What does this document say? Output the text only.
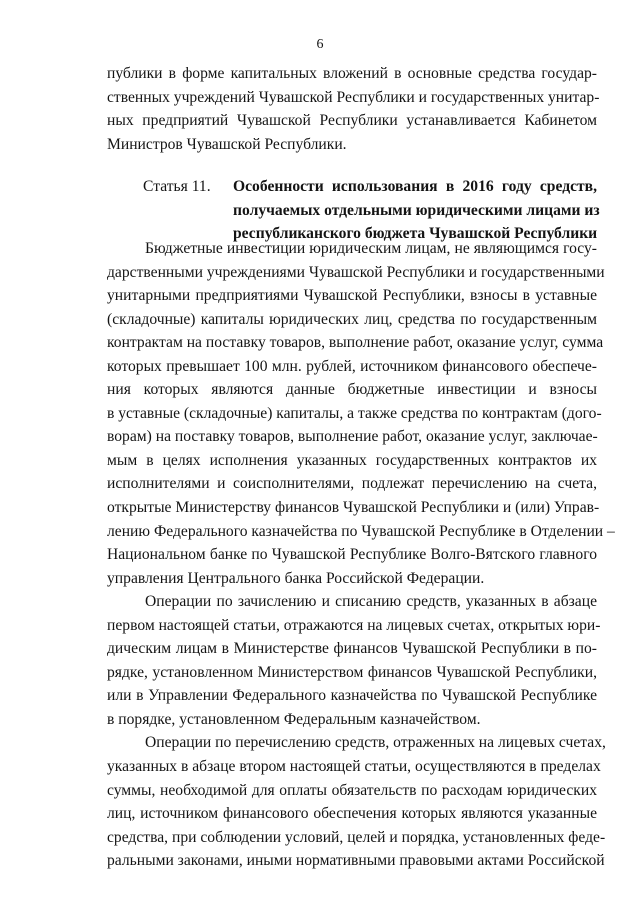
6
публики в форме капитальных вложений в основные средства государ-
ственных учреждений Чувашской Республики и государственных унитар-
ных предприятий Чувашской Республики устанавливается Кабинетом
Министров Чувашской Республики.
Статья 11.	Особенности использования в 2016 году средств,
получаемых отдельными юридическими лицами из
республиканского бюджета Чувашской Республики
Бюджетные инвестиции юридическим лицам, не являющимся госу-
дарственными учреждениями Чувашской Республики и государственными
унитарными предприятиями Чувашской Республики, взносы в уставные
(складочные) капиталы юридических лиц, средства по государственным
контрактам на поставку товаров, выполнение работ, оказание услуг, сумма
которых превышает 100 млн. рублей, источником финансового обеспече-
ния которых являются данные бюджетные инвестиции и взносы
в уставные (складочные) капиталы, а также средства по контрактам (дого-
ворам) на поставку товаров, выполнение работ, оказание услуг, заключае-
мым в целях исполнения указанных государственных контрактов их
исполнителями и соисполнителями, подлежат перечислению на счета,
открытые Министерству финансов Чувашской Республики и (или) Управ-
лению Федерального казначейства по Чувашской Республике в Отделении –
Национальном банке по Чувашской Республике Волго-Вятского главного
управления Центрального банка Российской Федерации.
Операции по зачислению и списанию средств, указанных в абзаце
первом настоящей статьи, отражаются на лицевых счетах, открытых юри-
дическим лицам в Министерстве финансов Чувашской Республики в по-
рядке, установленном Министерством финансов Чувашской Республики,
или в Управлении Федерального казначейства по Чувашской Республике
в порядке, установленном Федеральным казначейством.
Операции по перечислению средств, отраженных на лицевых счетах,
указанных в абзаце втором настоящей статьи, осуществляются в пределах
суммы, необходимой для оплаты обязательств по расходам юридических
лиц, источником финансового обеспечения которых являются указанные
средства, при соблюдении условий, целей и порядка, установленных феде-
ральными законами, иными нормативными правовыми актами Российской
